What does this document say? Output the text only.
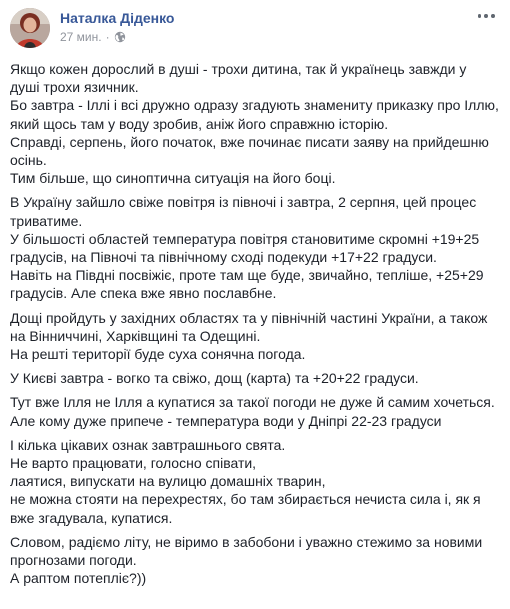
Наталка Діденко
27 мин. ·
Якщо кожен дорослий в душі - трохи дитина, так й українець завжди у
душі трохи язичник.
Бо завтра - Іллі і всі дружно одразу згадують знамениту приказку про Іллю,
який щось там у воду зробив, аніж його справжню історію.
Справді, серпень, його початок, вже починає писати заяву на прийдешню
осінь.
Тим більше, що синоптична ситуація на його боці.
В Україну зайшло свіже повітря із півночі і завтра, 2 серпня, цей процес
триватиме.
У більшості областей температура повітря становитиме скромні +19+25
градусів, на Півночі та північному сході подекуди +17+22 градуси.
Навіть на Півдні посвіжіє, проте там ще буде, звичайно, тепліше, +25+29
градусів. Але спека вже явно пославбне.
Дощі пройдуть у західних областях та у північній частині України, а також
на Вінниччині, Харківщині та Одещині.
На решті території буде суха сонячна погода.
У Києві завтра - вогко та свіжо, дощ (карта) та +20+22 градуси.
Тут вже Ілля не Ілля а купатися за такої погоди не дуже й самим хочеться.
Але кому дуже припече - температура води у Дніпрі 22-23 градуси
І кілька цікавих ознак завтрашнього свята.
Не варто працювати, голосно співати,
лаятися, випускати на вулицю домашніх тварин,
не можна стояти на перехрестях, бо там збирається нечиста сила і, як я
вже згадувала, купатися.
Словом, радіємо літу, не віримо в забобони і уважно стежимо за новими
прогнозами погоди.
А раптом потепліє?))
